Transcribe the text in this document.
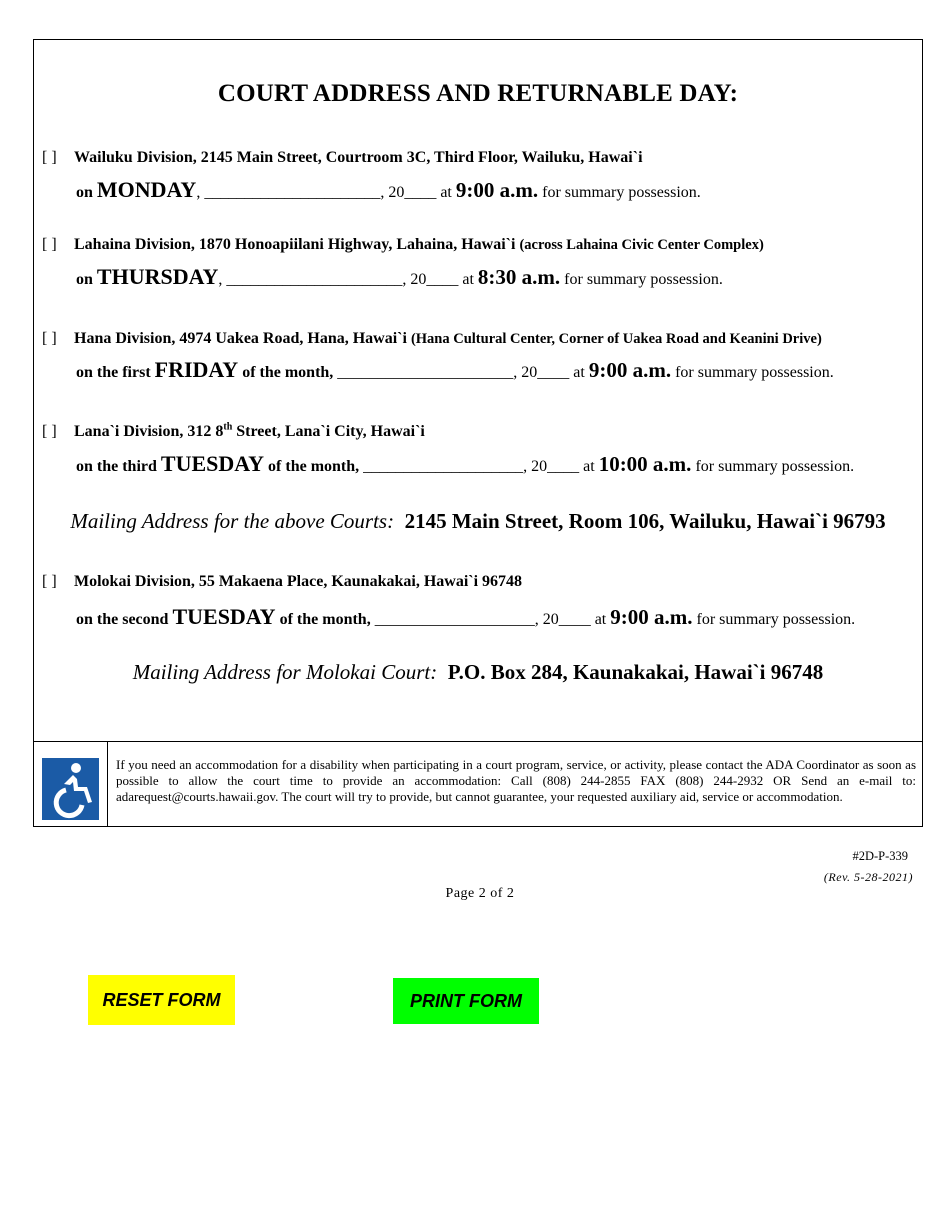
COURT ADDRESS AND RETURNABLE DAY:
[ ] Wailuku Division, 2145 Main Street, Courtroom 3C, Third Floor, Wailuku, Hawai`i
on MONDAY, ______________________, 20____ at 9:00 a.m. for summary possession.
[ ] Lahaina Division, 1870 Honoapiilani Highway, Lahaina, Hawai`i (across Lahaina Civic Center Complex)
on THURSDAY, ______________________, 20____ at 8:30 a.m. for summary possession.
[ ] Hana Division, 4974 Uakea Road, Hana, Hawai`i (Hana Cultural Center, Corner of Uakea Road and Keanini Drive)
on the first FRIDAY of the month, ______________________, 20____ at 9:00 a.m. for summary possession.
[ ] Lana`i Division, 312 8th Street, Lana`i City, Hawai`i
on the third TUESDAY of the month, ____________________, 20____ at 10:00 a.m. for summary possession.
Mailing Address for the above Courts: 2145 Main Street, Room 106, Wailuku, Hawai`i 96793
[ ] Molokai Division, 55 Makaena Place, Kaunakakai, Hawai`i 96748
on the second TUESDAY of the month, ____________________, 20____ at 9:00 a.m. for summary possession.
Mailing Address for Molokai Court: P.O. Box 284, Kaunakakai, Hawai`i 96748
If you need an accommodation for a disability when participating in a court program, service, or activity, please contact the ADA Coordinator as soon as possible to allow the court time to provide an accommodation: Call (808) 244-2855 FAX (808) 244-2932 OR Send an e-mail to: adarequest@courts.hawaii.gov. The court will try to provide, but cannot guarantee, your requested auxiliary aid, service or accommodation.
#2D-P-339
(Rev. 5-28-2021)
Page 2 of 2
RESET FORM	PRINT FORM
